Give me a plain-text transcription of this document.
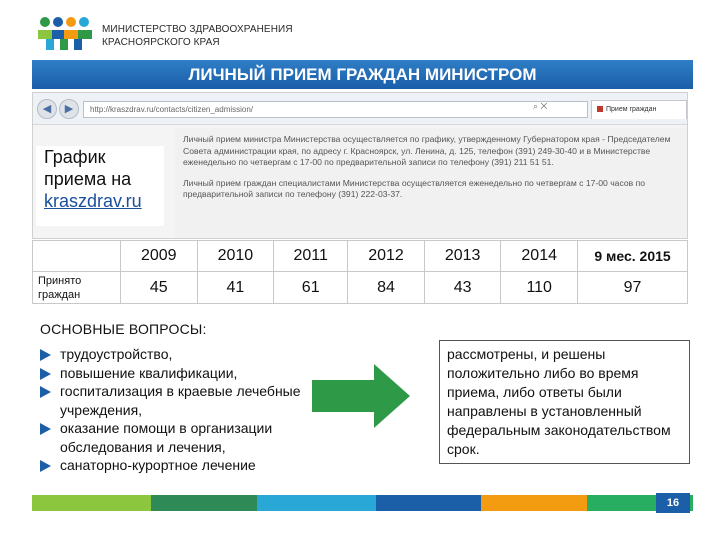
МИНИСТЕРСТВО ЗДРАВООХРАНЕНИЯ
КРАСНОЯРСКОГО КРАЯ
ЛИЧНЫЙ ПРИЕМ ГРАЖДАН МИНИСТРОМ
◀	▶	http://kraszdrav.ru/contacts/citizen_admission/	⌕ ✕	Прием граждан

Личный прием министра Министерства осуществляется по графику, утвержденному Губернатором края - Председателем Совета администрации края, по адресу г. Красноярск, ул. Ленина, д. 125, телефон (391) 249-30-40 и в Министерстве еженедельно по четвергам с 17-00 по предварительной записи по телефону (391) 211 51 51.

Личный прием граждан специалистами Министерства осуществляется еженедельно по четвергам с 17-00 часов по предварительной записи по телефону (391) 222-03-37.

График приема на
kraszdrav.ru
	2009	2010	2011	2012	2013	2014	9 мес. 2015
Принято граждан	45	41	61	84	43	110	97
ОСНОВНЫЕ ВОПРОСЫ:
трудоустройство,
повышение квалификации,
госпитализация в краевые лечебные учреждения,
оказание помощи в организации обследования и лечения,
санаторно-курортное лечение
рассмотрены, и решены положительно либо во время приема, либо ответы были направлены в установленный федеральным законодательством срок.
16
